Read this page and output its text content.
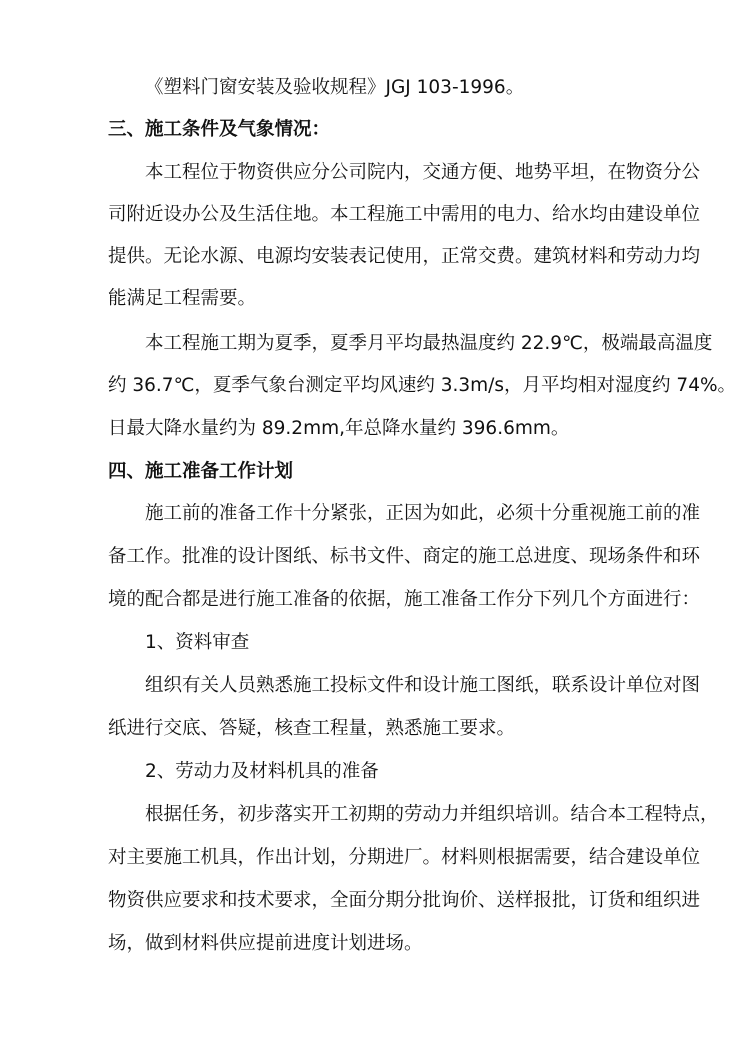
《塑料门窗安装及验收规程》JGJ 103-1996。
三、施工条件及气象情况：
本工程位于物资供应分公司院内，交通方便、地势平坦，在物资分公
司附近设办公及生活住地。本工程施工中需用的电力、给水均由建设单位
提供。无论水源、电源均安装表记使用，正常交费。建筑材料和劳动力均
能满足工程需要。
本工程施工期为夏季，夏季月平均最热温度约 22.9℃，极端最高温度
约 36.7℃，夏季气象台测定平均风速约 3.3m/s，月平均相对湿度约 74%。
日最大降水量约为 89.2mm,年总降水量约 396.6mm。
四、施工准备工作计划
施工前的准备工作十分紧张，正因为如此，必须十分重视施工前的准
备工作。批准的设计图纸、标书文件、商定的施工总进度、现场条件和环
境的配合都是进行施工准备的依据，施工准备工作分下列几个方面进行：
1、资料审查
组织有关人员熟悉施工投标文件和设计施工图纸，联系设计单位对图
纸进行交底、答疑，核查工程量，熟悉施工要求。
2、劳动力及材料机具的准备
根据任务，初步落实开工初期的劳动力并组织培训。结合本工程特点，
对主要施工机具，作出计划，分期进厂。材料则根据需要，结合建设单位
物资供应要求和技术要求，全面分期分批询价、送样报批，订货和组织进
场，做到材料供应提前进度计划进场。
